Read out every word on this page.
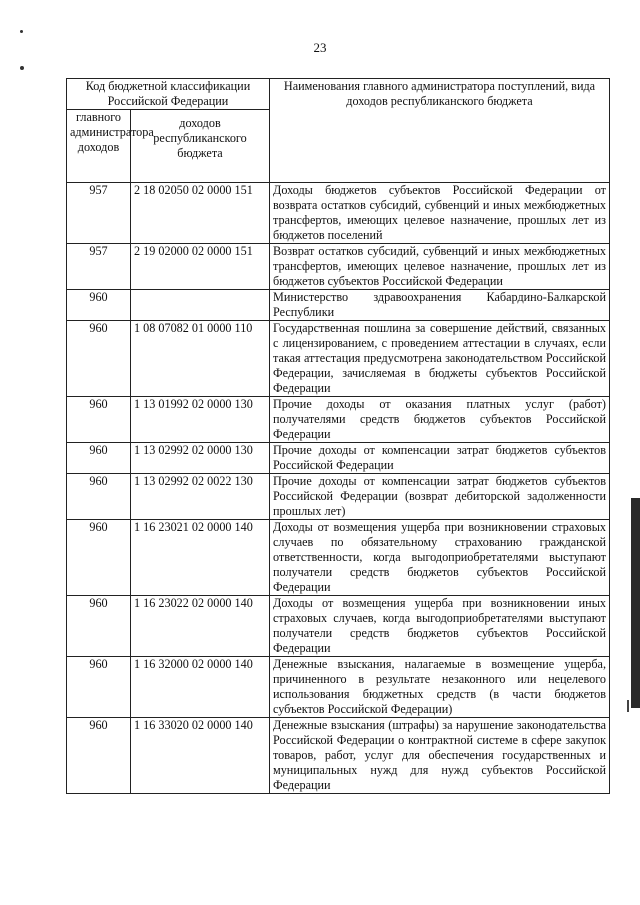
23
Код бюджетной классификации Российской Федерации		Наименования главного администратора поступлений, вида доходов республиканского бюджета
главного администратора доходов	доходов республиканского бюджета	
957	2 18 02050 02 0000 151	Доходы бюджетов субъектов Российской Федерации от возврата остатков субсидий, субвенций и иных межбюджетных трансфертов, имеющих целевое назначение, прошлых лет из бюджетов поселений
957	2 19 02000 02 0000 151	Возврат остатков субсидий, субвенций и иных межбюджетных трансфертов, имеющих целевое назначение, прошлых лет из бюджетов субъектов Российской Федерации
960		Министерство здравоохранения Кабардино-Балкарской Республики
960	1 08 07082 01 0000 110	Государственная пошлина за совершение действий, связанных с лицензированием, с проведением аттестации в случаях, если такая аттестация предусмотрена законодательством Российской Федерации, зачисляемая в бюджеты субъектов Российской Федерации
960	1 13 01992 02 0000 130	Прочие доходы от оказания платных услуг (работ) получателями средств бюджетов субъектов Российской Федерации
960	1 13 02992 02 0000 130	Прочие доходы от компенсации затрат бюджетов субъектов Российской Федерации
960	1 13 02992 02 0022 130	Прочие доходы от компенсации затрат бюджетов субъектов Российской Федерации (возврат дебиторской задолженности прошлых лет)
960	1 16 23021 02 0000 140	Доходы от возмещения ущерба при возникновении страховых случаев по обязательному страхованию гражданской ответственности, когда выгодоприобретателями выступают получатели средств бюджетов субъектов Российской Федерации
960	1 16 23022 02 0000 140	Доходы от возмещения ущерба при возникновении иных страховых случаев, когда выгодоприобретателями выступают получатели средств бюджетов субъектов Российской Федерации
960	1 16 32000 02 0000 140	Денежные взыскания, налагаемые в возмещение ущерба, причиненного в результате незаконного или нецелевого использования бюджетных средств (в части бюджетов субъектов Российской Федерации)
960	1 16 33020 02 0000 140	Денежные взыскания (штрафы) за нарушение законодательства Российской Федерации о контрактной системе в сфере закупок товаров, работ, услуг для обеспечения государственных и муниципальных нужд для нужд субъектов Российской Федерации
